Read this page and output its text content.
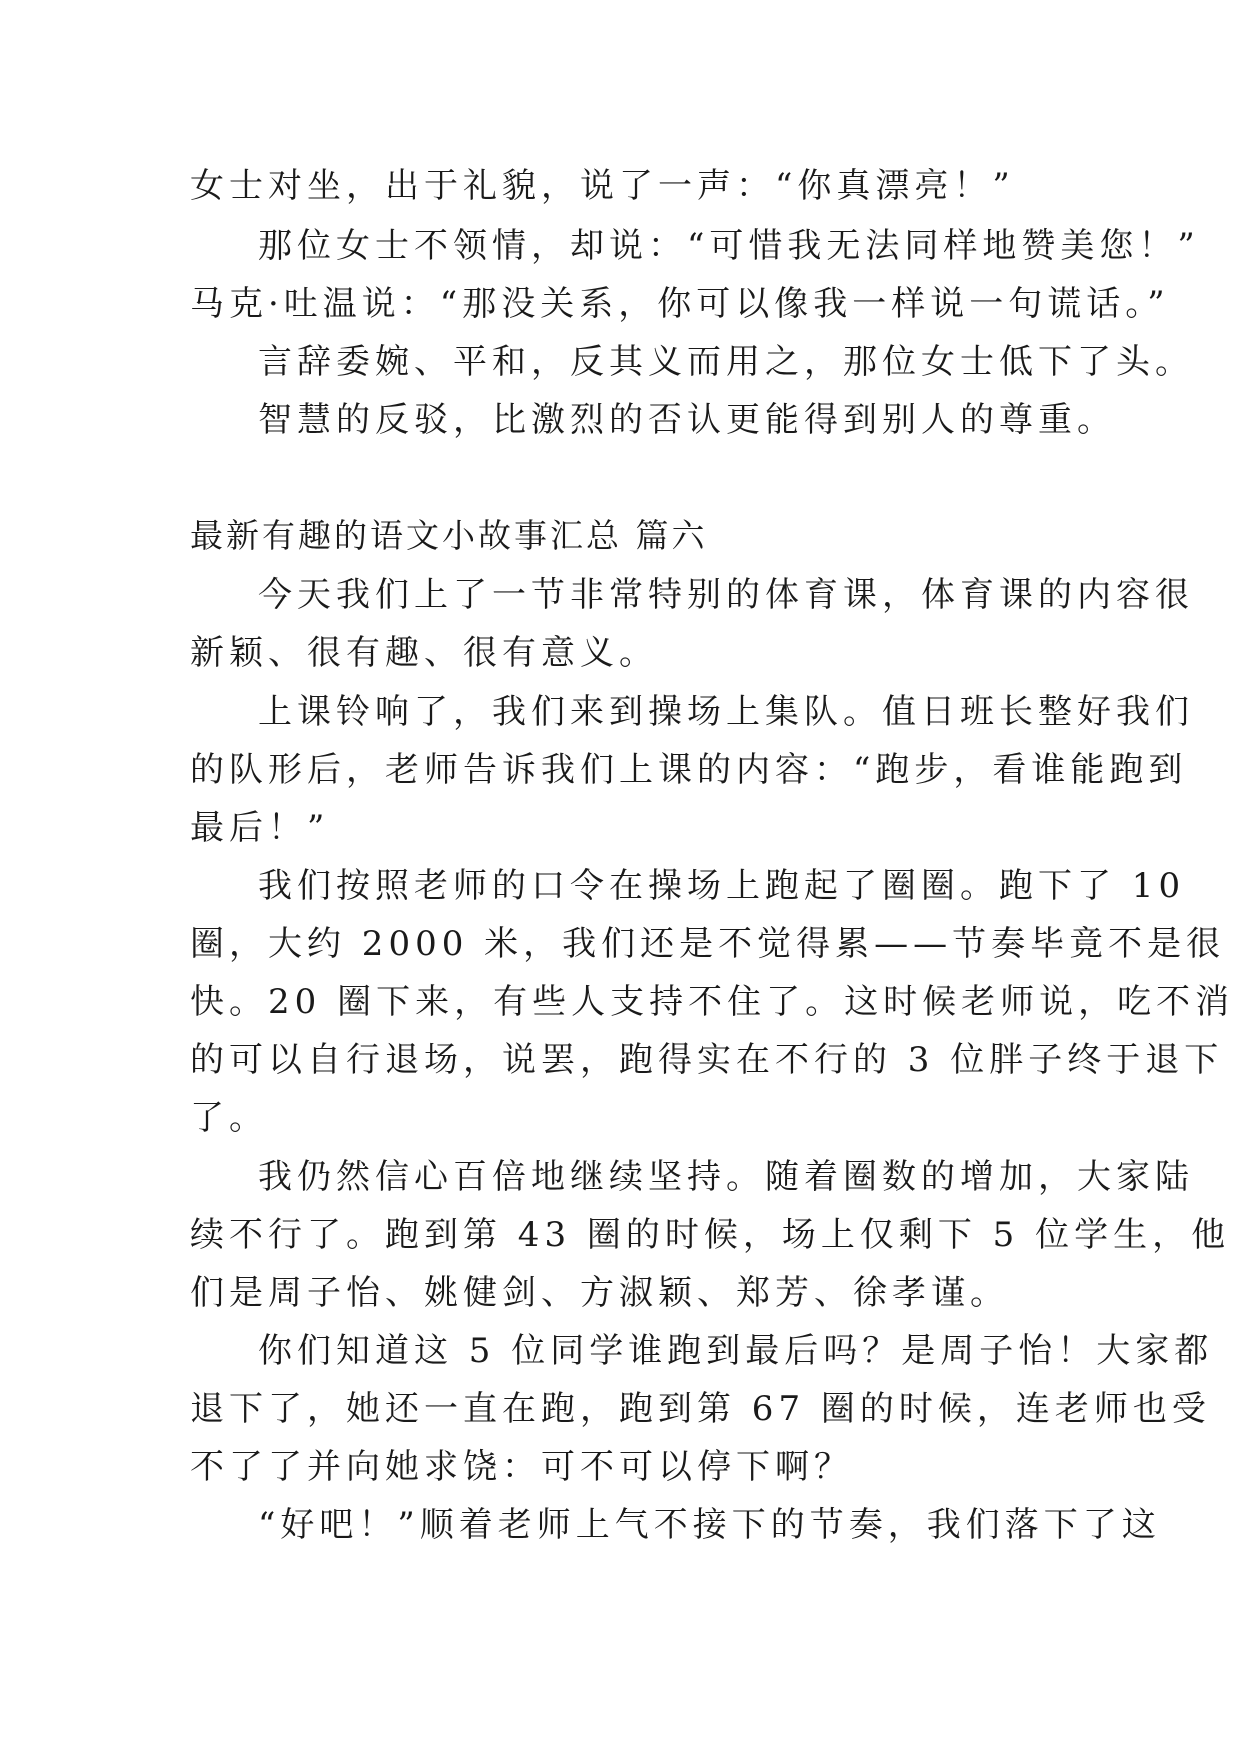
女士对坐，出于礼貌，说了一声：“你真漂亮！”
那位女士不领情，却说：“可惜我无法同样地赞美您！”
马克·吐温说：“那没关系，你可以像我一样说一句谎话。”
言辞委婉、平和，反其义而用之，那位女士低下了头。
智慧的反驳，比激烈的否认更能得到别人的尊重。
最新有趣的语文小故事汇总 篇六
今天我们上了一节非常特别的体育课，体育课的内容很
新颖、很有趣、很有意义。
上课铃响了，我们来到操场上集队。值日班长整好我们
的队形后，老师告诉我们上课的内容：“跑步，看谁能跑到
最后！”
我们按照老师的口令在操场上跑起了圈圈。跑下了 10
圈，大约 2000 米，我们还是不觉得累——节奏毕竟不是很
快。20 圈下来，有些人支持不住了。这时候老师说，吃不消
的可以自行退场，说罢，跑得实在不行的 3 位胖子终于退下
了。
我仍然信心百倍地继续坚持。随着圈数的增加，大家陆
续不行了。跑到第 43 圈的时候，场上仅剩下 5 位学生，他
们是周子怡、姚健剑、方淑颖、郑芳、徐孝谨。
你们知道这 5 位同学谁跑到最后吗？是周子怡！大家都
退下了，她还一直在跑，跑到第 67 圈的时候，连老师也受
不了了并向她求饶：可不可以停下啊？
“好吧！”顺着老师上气不接下的节奏，我们落下了这
